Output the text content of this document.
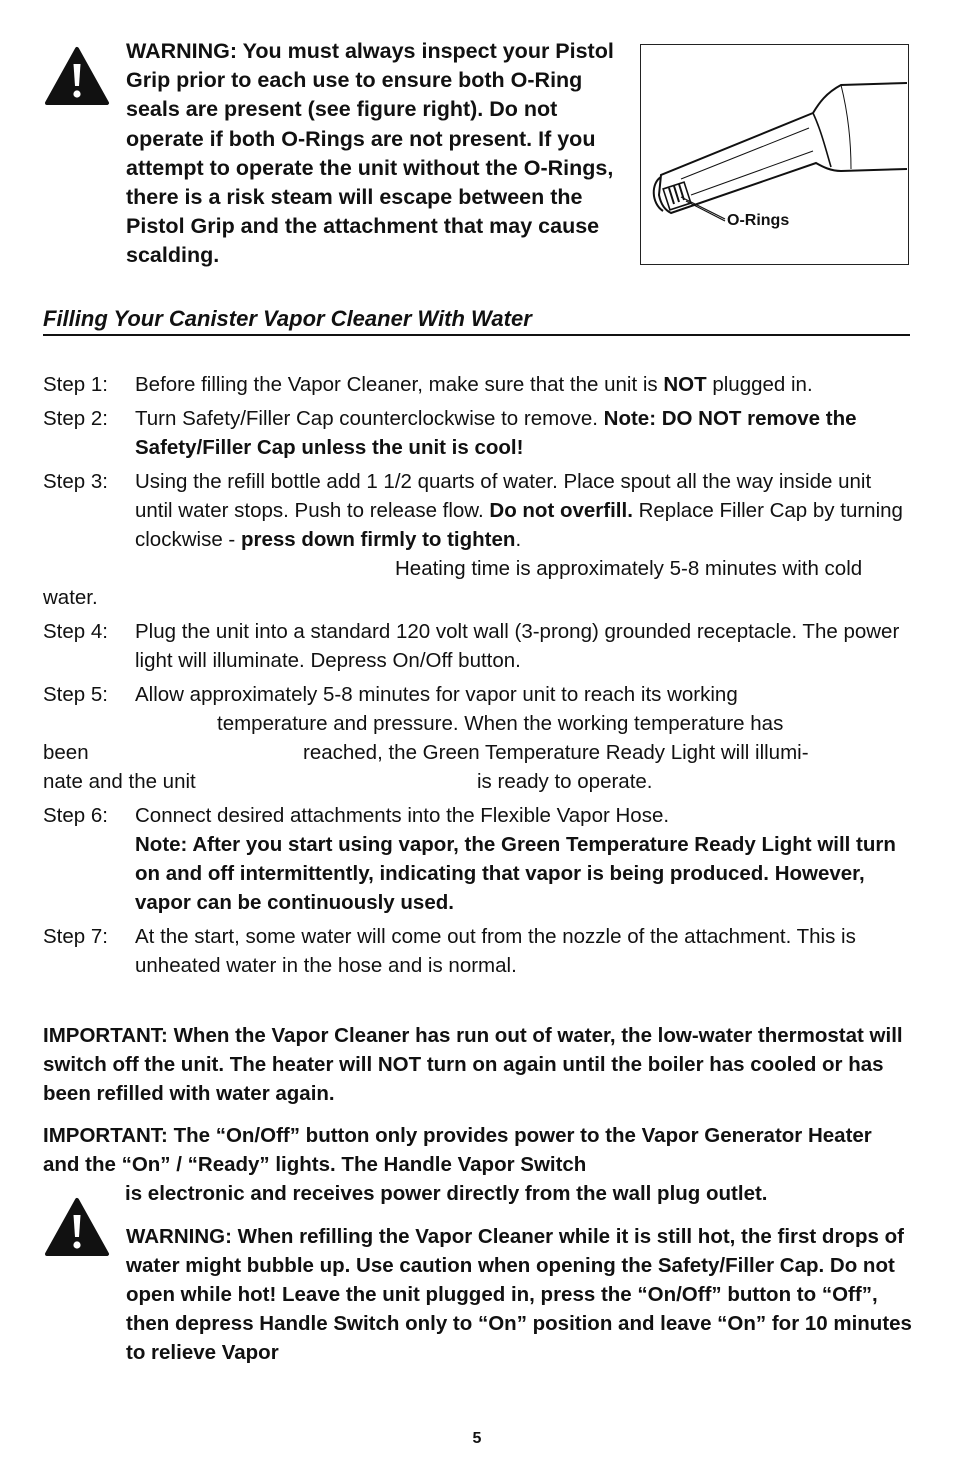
WARNING: You must always inspect your Pistol Grip prior to each use to ensure both O-Ring seals are present (see figure right). Do not operate if both O-Rings are not present. If you attempt to operate the unit without the O-Rings, there is a risk steam will escape between the Pistol Grip and the attachment that may cause scalding.
O-Rings
Filling Your Canister Vapor Cleaner With Water
Step 1:	Before filling the Vapor Cleaner, make sure that the unit is NOT plugged in.
Step 2:	Turn Safety/Filler Cap counterclockwise to remove. Note: DO NOT remove the Safety/Filler Cap unless the unit is cool!
Step 3:	Using the refill bottle add 1 1/2 quarts of water. Place spout all the way inside unit until water stops. Push to release flow. Do not overfill. Replace Filler Cap by turning clockwise - press down firmly to tighten.
Heating time is approximately 5-8 minutes with cold
water.
Step 4:	Plug the unit into a standard 120 volt wall (3-prong) grounded receptacle. The power light will illuminate. Depress On/Off button.
Step 5: Allow approximately 5-8 minutes for vapor unit to reach its working
temperature and pressure. When the working temperature has
been	reached, the Green Temperature Ready Light will illumi-
nate and the unit	is ready to operate.
Step 6: Connect desired attachments into the Flexible Vapor Hose.
Note: After you start using vapor, the Green Temperature Ready Light will turn on and off intermittently, indicating that vapor is being produced. However, vapor can be continuously used.
Step 7:	At the start, some water will come out from the nozzle of the attachment. This is unheated water in the hose and is normal.
IMPORTANT: When the Vapor Cleaner has run out of water, the low-water thermostat will switch off the unit. The heater will NOT turn on again until the boiler has cooled or has been refilled with water again.
IMPORTANT: The “On/Off” button only provides power to the Vapor Generator Heater and the “On” / “Ready” lights. The Handle Vapor Switch
is electronic and receives power directly from the wall plug outlet.
WARNING: When refilling the Vapor Cleaner while it is still hot, the first drops of water might bubble up. Use caution when opening the Safety/Filler Cap. Do not open while hot! Leave the unit plugged in, press the “On/Off” button to “Off”, then depress Handle Switch only to “On” position and leave “On” for 10 minutes to relieve Vapor
5
